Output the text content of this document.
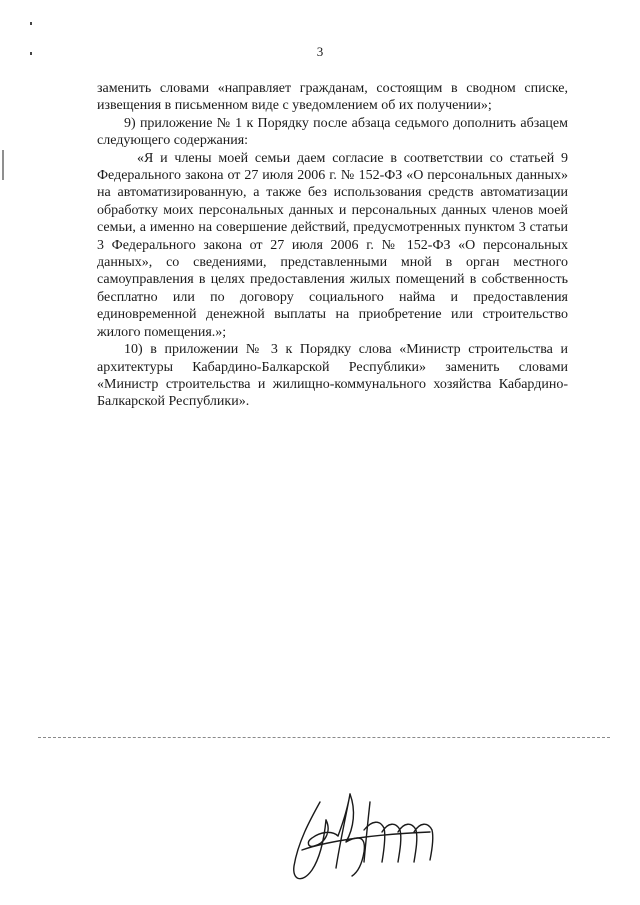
3

заменить словами «направляет гражданам, состоящим в сводном списке, извещения в письменном виде с уведомлением об их получении»;

9) приложение № 1 к Порядку после абзаца седьмого дополнить абзацем следующего содержания:

«Я и члены моей семьи даем согласие в соответствии со статьей 9 Федерального закона от 27 июля 2006 г. № 152-ФЗ «О персональных данных» на автоматизированную, а также без использования средств автоматизации обработку моих персональных данных и персональных данных членов моей семьи, а именно на совершение действий, предусмотренных пунктом 3 статьи 3 Федерального закона от 27 июля 2006 г. № 152-ФЗ «О персональных данных», со сведениями, представленными мной в орган местного самоуправления в целях предоставления жилых помещений в собственность бесплатно или по договору социального найма и предоставления единовременной денежной выплаты на приобретение или строительство жилого помещения.»;

10) в приложении № 3 к Порядку слова «Министр строительства и архитектуры Кабардино-Балкарской Республики» заменить словами «Министр строительства и жилищно-коммунального хозяйства Кабардино-Балкарской Республики».
